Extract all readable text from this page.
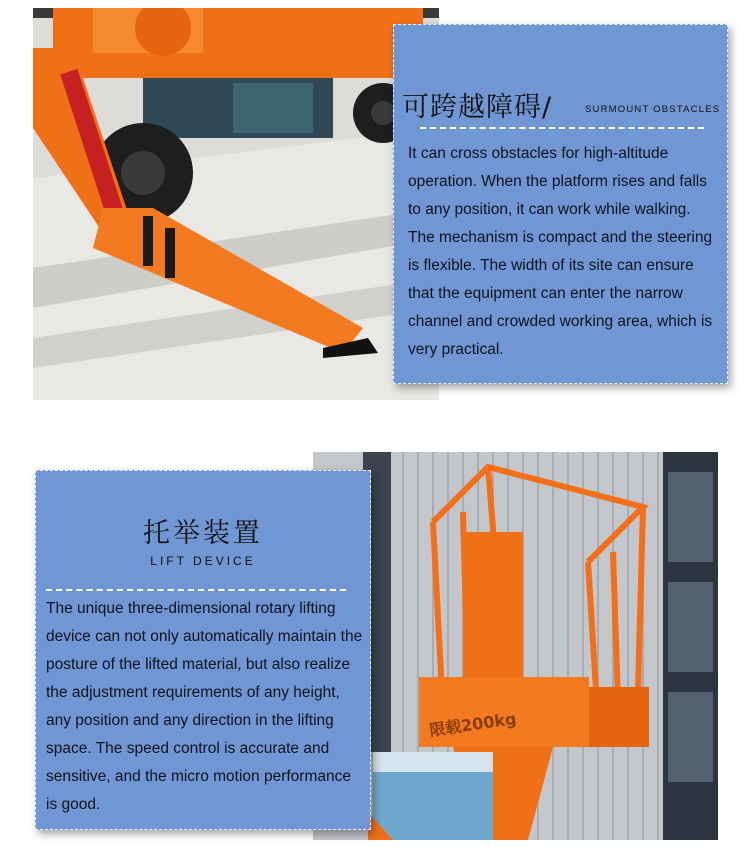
可跨越障碍/	SURMOUNT OBSTACLES
It can cross obstacles for high-altitude operation. When the platform rises and falls to any position, it can work while walking. The mechanism is compact and the steering is flexible. The width of its site can ensure that the equipment can enter the narrow channel and crowded working area, which is very practical.
限载200kg
托举装置
LIFT DEVICE
The unique three-dimensional rotary lifting device can not only automatically maintain the posture of the lifted material, but also realize the adjustment requirements of any height, any position and any direction in the lifting space. The speed control is accurate and sensitive, and the micro motion performance is good.
